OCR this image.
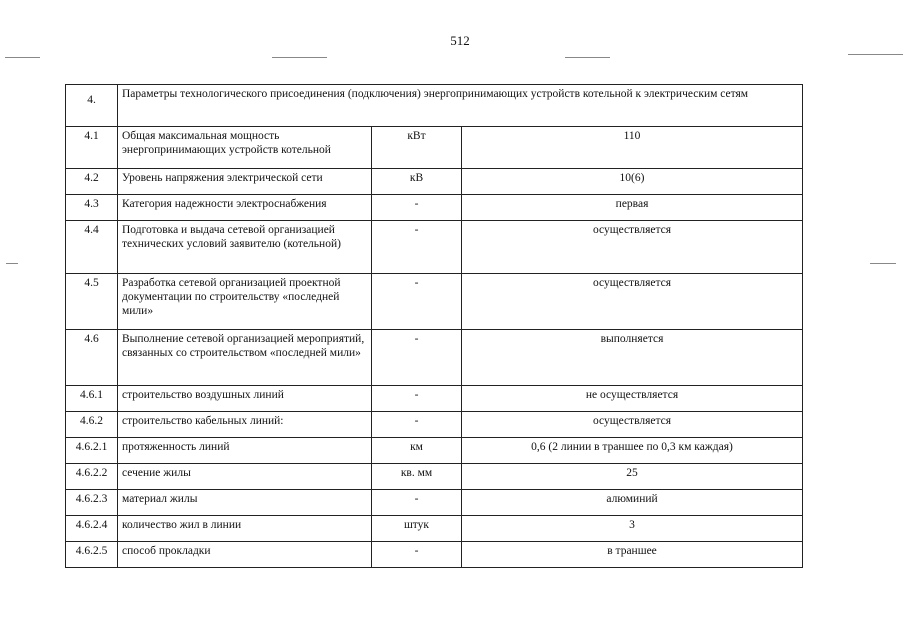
512
4.	Параметры технологического присоединения (подключения) энергопринимающих устройств котельной к электрическим сетям		
4.1	Общая максимальная мощность энергопринимающих устройств котельной	кВт	110
4.2	Уровень напряжения электрической сети	кВ	10(6)
4.3	Категория надежности электроснабжения	-	первая
4.4	Подготовка и выдача сетевой организацией технических условий заявителю (котельной)	-	осуществляется
4.5	Разработка сетевой организацией проектной документации по строительству «последней мили»	-	осуществляется
4.6	Выполнение сетевой организацией мероприятий, связанных со строительством «последней мили»	-	выполняется
4.6.1	строительство воздушных линий	-	не осуществляется
4.6.2	строительство кабельных линий:	-	осуществляется
4.6.2.1	протяженность линий	км	0,6 (2 линии в траншее по 0,3 км каждая)
4.6.2.2	сечение жилы	кв. мм	25
4.6.2.3	материал жилы	-	алюминий
4.6.2.4	количество жил в линии	штук	3
4.6.2.5	способ прокладки	-	в траншее
